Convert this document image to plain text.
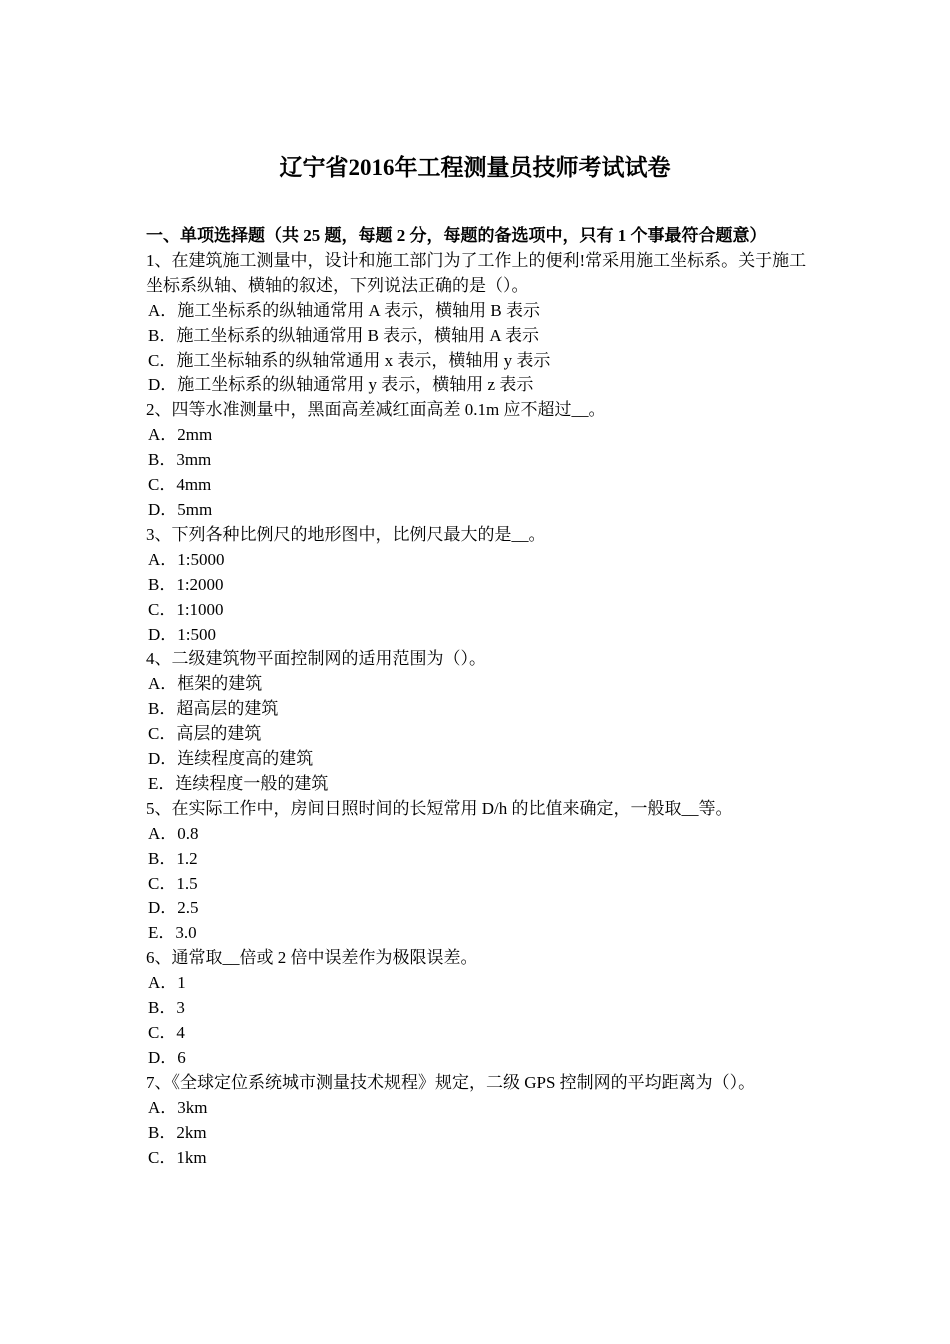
辽宁省2016年工程测量员技师考试试卷
一、单项选择题（共 25 题，每题 2 分，每题的备选项中，只有 1 个事最符合题意）
1、在建筑施工测量中，设计和施工部门为了工作上的便利!常采用施工坐标系。关于施工坐标系纵轴、横轴的叙述，下列说法正确的是（）。
A．施工坐标系的纵轴通常用 A 表示，横轴用 B 表示
B．施工坐标系的纵轴通常用 B 表示，横轴用 A 表示
C．施工坐标轴系的纵轴常通用 x 表示，横轴用 y 表示
D．施工坐标系的纵轴通常用 y 表示，横轴用 z 表示
2、四等水准测量中，黑面高差减红面高差 0.1m 应不超过__。
A．2mm
B．3mm
C．4mm
D．5mm
3、下列各种比例尺的地形图中，比例尺最大的是__。
A．1:5000
B．1:2000
C．1:1000
D．1:500
4、二级建筑物平面控制网的适用范围为（）。
A．框架的建筑
B．超高层的建筑
C．高层的建筑
D．连续程度高的建筑
E．连续程度一般的建筑
5、在实际工作中，房间日照时间的长短常用 D/h 的比值来确定，一般取__等。
A．0.8
B．1.2
C．1.5
D．2.5
E．3.0
6、通常取__倍或 2 倍中误差作为极限误差。
A．1
B．3
C．4
D．6
7、《全球定位系统城市测量技术规程》规定，二级 GPS 控制网的平均距离为（）。
A．3km
B．2km
C．1km
